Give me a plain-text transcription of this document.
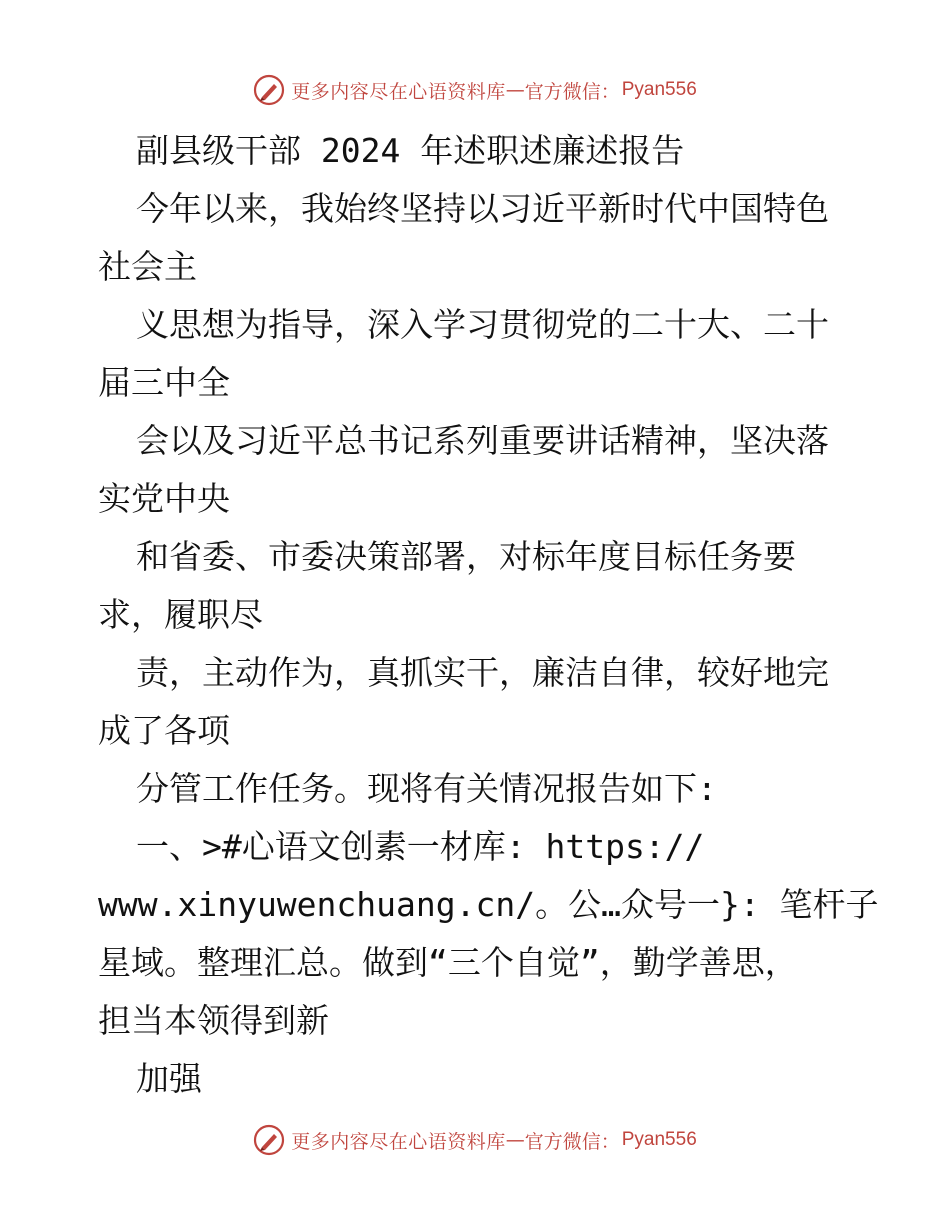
更多内容尽在心语资料库 — 官方微信： Pyan556
副县级干部 2024 年述职述廉述报告
今年以来，我始终坚持以习近平新时代中国特色
社会主
义思想为指导，深入学习贯彻党的二十大、二十
届三中全
会以及习近平总书记系列重要讲话精神，坚决落
实党中央
和省委、市委决策部署，对标年度目标任务要
求，履职尽
责，主动作为，真抓实干，廉洁自律，较好地完
成了各项
分管工作任务。现将有关情况报告如下:
一、>#心语文创素一材库: https://
www.xinyuwenchuang.cn/。公…众号一}: 笔杆子
星域。整理汇总。做到“三个自觉”，勤学善思，
担当本领得到新
加强
更多内容尽在心语资料库 — 官方微信： Pyan556
